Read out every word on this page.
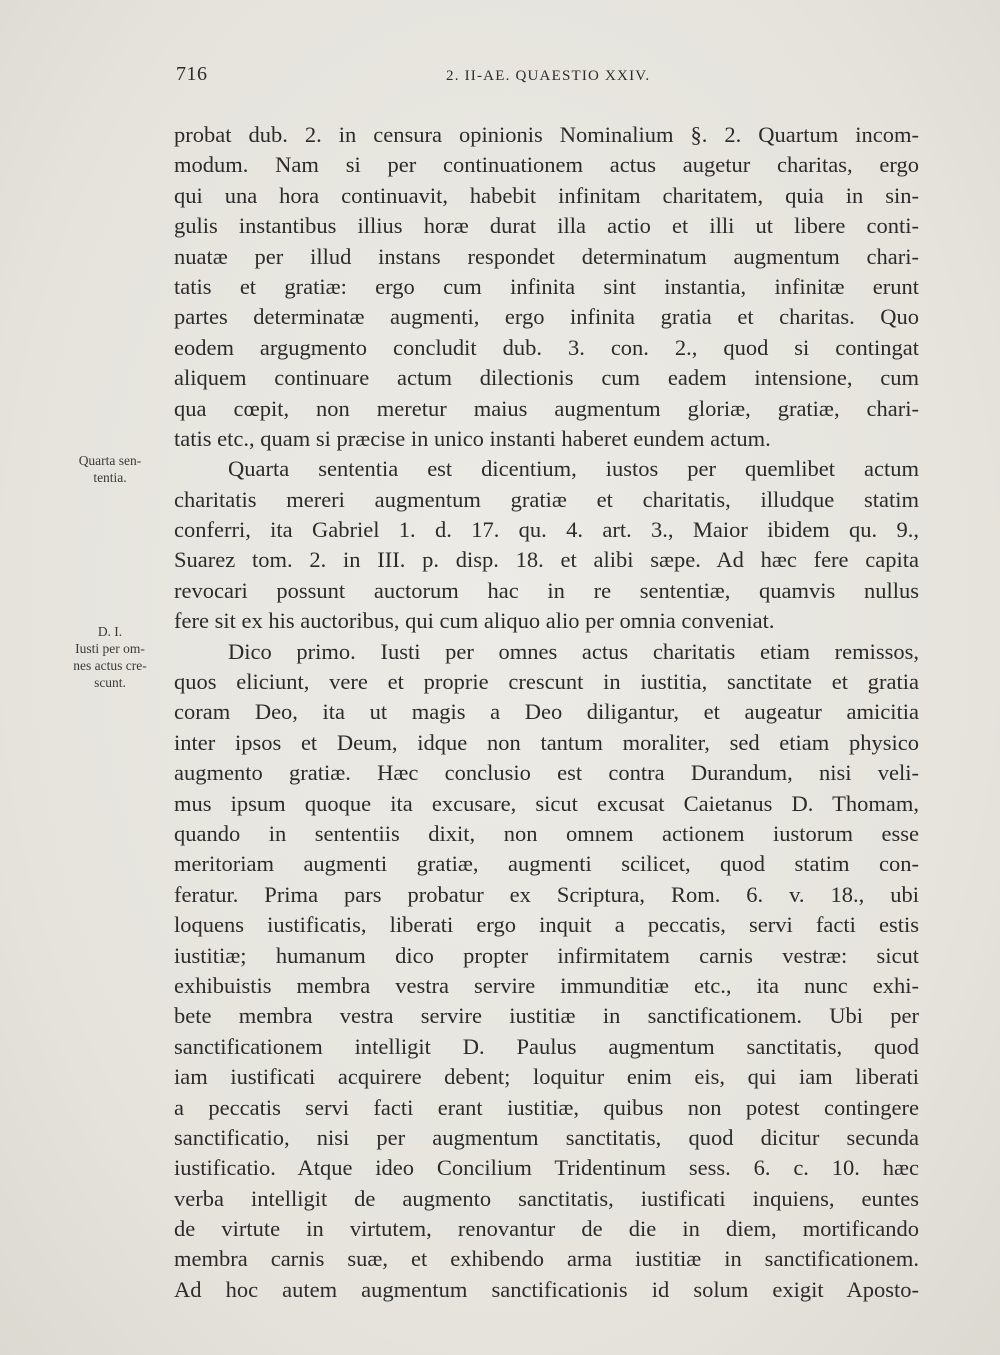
716	2. II-AE. QUAESTIO XXIV.
Quarta sen-
tentia.
D. I.
Iusti per om-
nes actus cre-
scunt.
probat dub. 2. in censura opinionis Nominalium §. 2. Quartum incom-
modum. Nam si per continuationem actus augetur charitas, ergo
qui una hora continuavit, habebit infinitam charitatem, quia in sin-
gulis instantibus illius horæ durat illa actio et illi ut libere conti-
nuatæ per illud instans respondet determinatum augmentum chari-
tatis et gratiæ: ergo cum infinita sint instantia, infinitæ erunt
partes determinatæ augmenti, ergo infinita gratia et charitas. Quo
eodem argugmento concludit dub. 3. con. 2., quod si contingat
aliquem continuare actum dilectionis cum eadem intensione, cum
qua cœpit, non meretur maius augmentum gloriæ, gratiæ, chari-
tatis etc., quam si præcise in unico instanti haberet eundem actum.
Quarta sententia est dicentium, iustos per quemlibet actum
charitatis mereri augmentum gratiæ et charitatis, illudque statim
conferri, ita Gabriel 1. d. 17. qu. 4. art. 3., Maior ibidem qu. 9.,
Suarez tom. 2. in III. p. disp. 18. et alibi sæpe. Ad hæc fere capita
revocari possunt auctorum hac in re sententiæ, quamvis nullus
fere sit ex his auctoribus, qui cum aliquo alio per omnia conveniat.
Dico primo. Iusti per omnes actus charitatis etiam remissos,
quos eliciunt, vere et proprie crescunt in iustitia, sanctitate et gratia
coram Deo, ita ut magis a Deo diligantur, et augeatur amicitia
inter ipsos et Deum, idque non tantum moraliter, sed etiam physico
augmento gratiæ. Hæc conclusio est contra Durandum, nisi veli-
mus ipsum quoque ita excusare, sicut excusat Caietanus D. Thomam,
quando in sententiis dixit, non omnem actionem iustorum esse
meritoriam augmenti gratiæ, augmenti scilicet, quod statim con-
feratur. Prima pars probatur ex Scriptura, Rom. 6. v. 18., ubi
loquens iustificatis, liberati ergo inquit a peccatis, servi facti estis
iustitiæ; humanum dico propter infirmitatem carnis vestræ: sicut
exhibuistis membra vestra servire immunditiæ etc., ita nunc exhi-
bete membra vestra servire iustitiæ in sanctificationem. Ubi per
sanctificationem intelligit D. Paulus augmentum sanctitatis, quod
iam iustificati acquirere debent; loquitur enim eis, qui iam liberati
a peccatis servi facti erant iustitiæ, quibus non potest contingere
sanctificatio, nisi per augmentum sanctitatis, quod dicitur secunda
iustificatio. Atque ideo Concilium Tridentinum sess. 6. c. 10. hæc
verba intelligit de augmento sanctitatis, iustificati inquiens, euntes
de virtute in virtutem, renovantur de die in diem, mortificando
membra carnis suæ, et exhibendo arma iustitiæ in sanctificationem.
Ad hoc autem augmentum sanctificationis id solum exigit Aposto-
